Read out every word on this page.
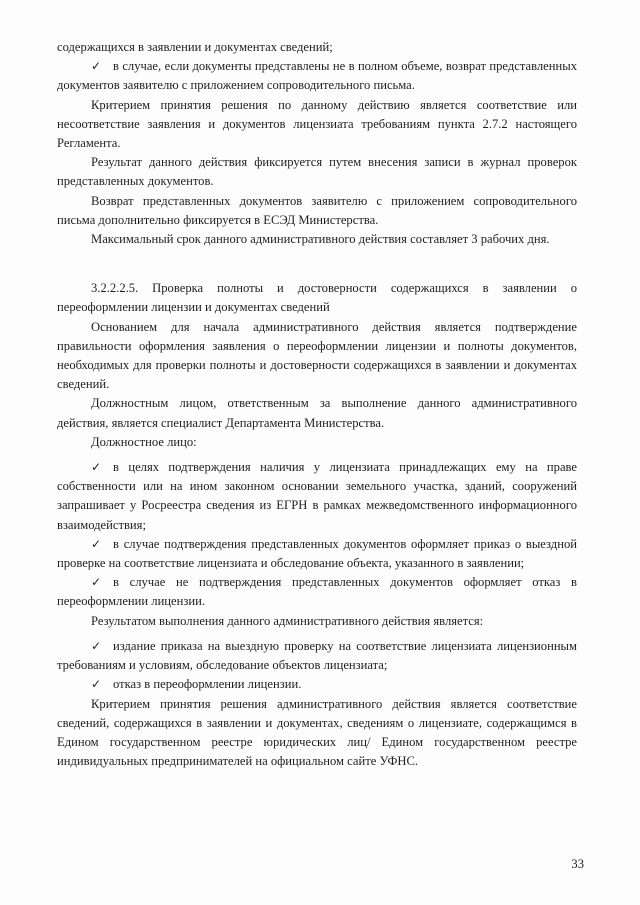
содержащихся в заявлении и документах сведений;

✓ в случае, если документы представлены не в полном объеме, возврат представленных документов заявителю с приложением сопроводительного письма.

Критерием принятия решения по данному действию является соответствие или несоответствие заявления и документов лицензиата требованиям пункта 2.7.2 настоящего Регламента.

Результат данного действия фиксируется путем внесения записи в журнал проверок представленных документов.

Возврат представленных документов заявителю с приложением сопроводительного письма дополнительно фиксируется в ЕСЭД Министерства.

Максимальный срок данного административного действия составляет 3 рабочих дня.

3.2.2.2.5. Проверка полноты и достоверности содержащихся в заявлении о переоформлении лицензии и документах сведений

Основанием для начала административного действия является подтверждение правильности оформления заявления о переоформлении лицензии и полноты документов, необходимых для проверки полноты и достоверности содержащихся в заявлении и документах сведений.

Должностным лицом, ответственным за выполнение данного административного действия, является специалист Департамента Министерства.

Должностное лицо:

✓ в целях подтверждения наличия у лицензиата принадлежащих ему на праве собственности или на ином законном основании земельного участка, зданий, сооружений запрашивает у Росреестра сведения из ЕГРН в рамках межведомственного информационного взаимодействия;

✓ в случае подтверждения представленных документов оформляет приказ о выездной проверке на соответствие лицензиата и обследование объекта, указанного в заявлении;

✓ в случае не подтверждения представленных документов оформляет отказ в переоформлении лицензии.

Результатом выполнения данного административного действия является:

✓ издание приказа на выездную проверку на соответствие лицензиата лицензионным требованиям и условиям, обследование объектов лицензиата;

✓ отказ в переоформлении лицензии.

Критерием принятия решения административного действия является соответствие сведений, содержащихся в заявлении и документах, сведениям о лицензиате, содержащимся в Едином государственном реестре юридических лиц/ Едином государственном реестре индивидуальных предпринимателей на официальном сайте УФНС.

33
